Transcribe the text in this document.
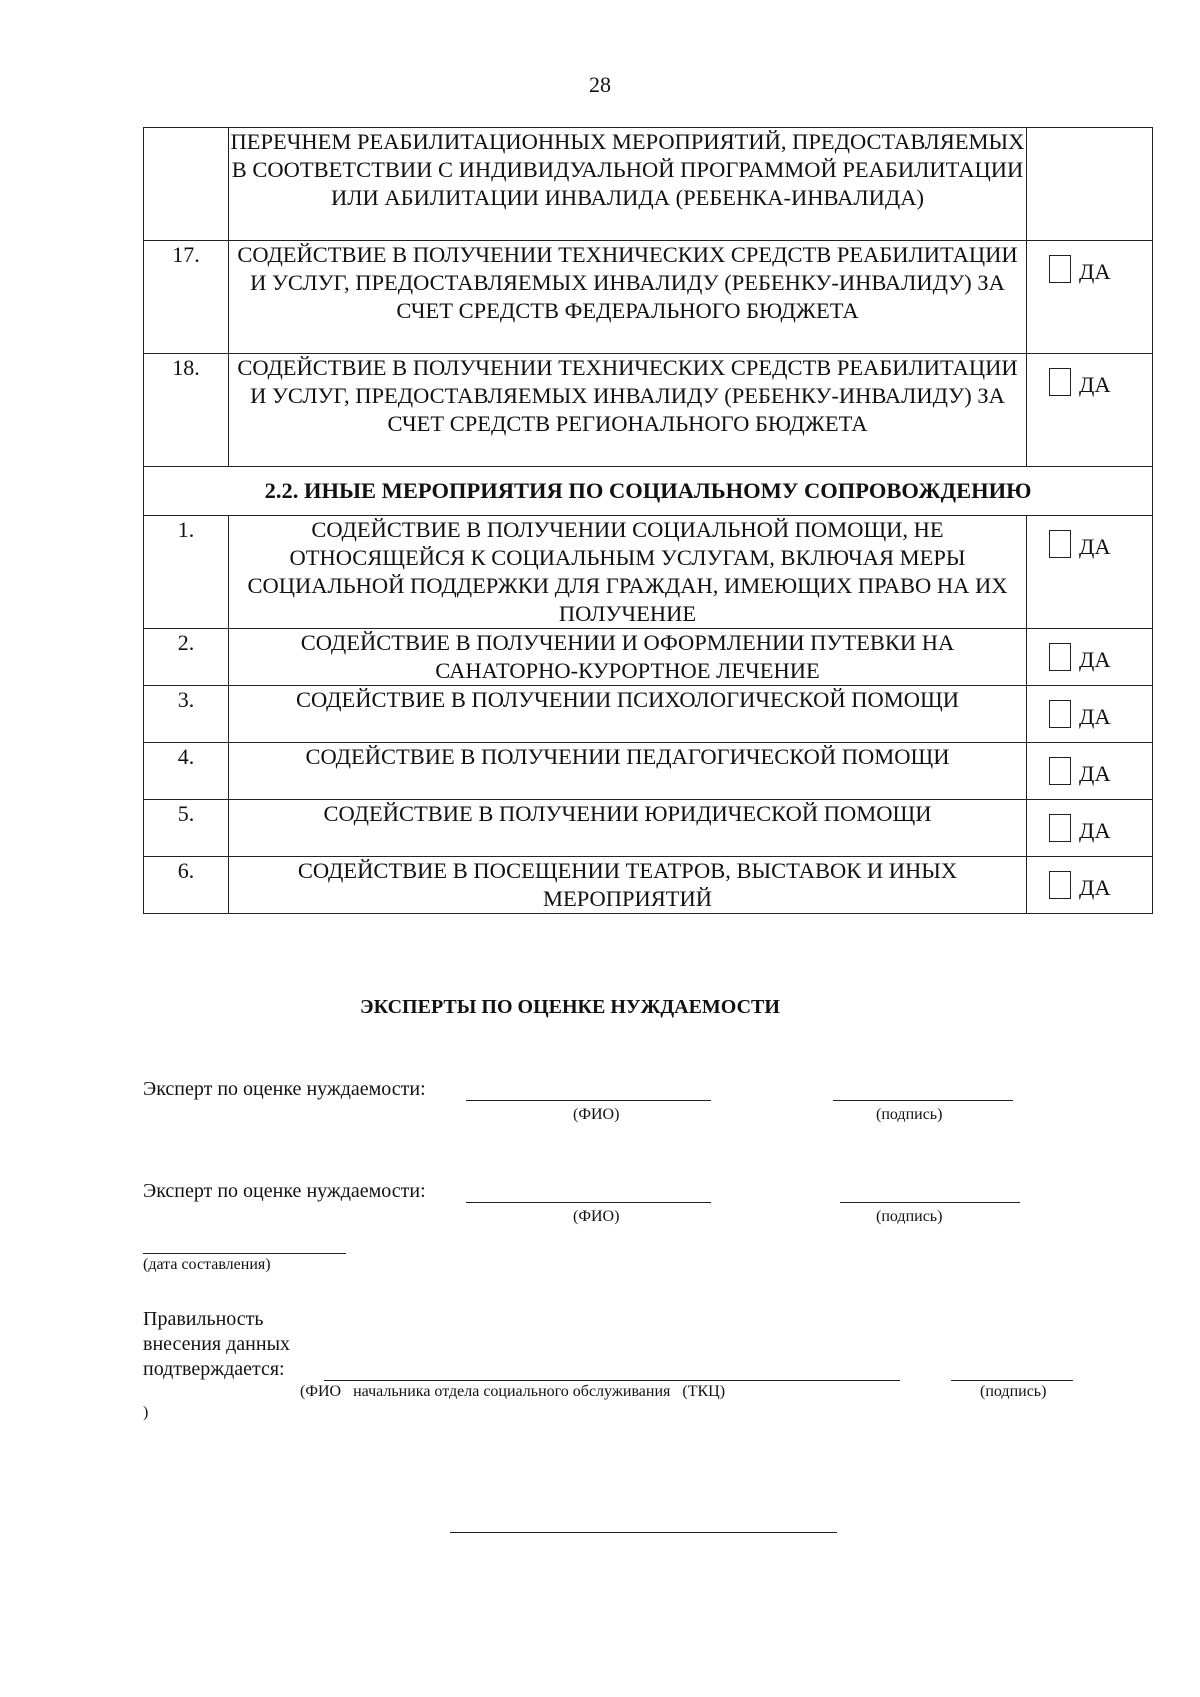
28
	ПЕРЕЧНЕМ РЕАБИЛИТАЦИОННЫХ МЕРОПРИЯТИЙ, ПРЕДОСТАВЛЯЕМЫХ В СООТВЕТСТВИИ С ИНДИВИДУАЛЬНОЙ ПРОГРАММОЙ РЕАБИЛИТАЦИИ ИЛИ АБИЛИТАЦИИ ИНВАЛИДА (РЕБЕНКА-ИНВАЛИДА)	
17.	СОДЕЙСТВИЕ В ПОЛУЧЕНИИ ТЕХНИЧЕСКИХ СРЕДСТВ РЕАБИЛИТАЦИИ И УСЛУГ, ПРЕДОСТАВЛЯЕМЫХ ИНВАЛИДУ (РЕБЕНКУ-ИНВАЛИДУ) ЗА СЧЕТ СРЕДСТВ ФЕДЕРАЛЬНОГО БЮДЖЕТА	ДА

18.	СОДЕЙСТВИЕ В ПОЛУЧЕНИИ ТЕХНИЧЕСКИХ СРЕДСТВ РЕАБИЛИТАЦИИ И УСЛУГ, ПРЕДОСТАВЛЯЕМЫХ ИНВАЛИДУ (РЕБЕНКУ-ИНВАЛИДУ) ЗА СЧЕТ СРЕДСТВ РЕГИОНАЛЬНОГО БЮДЖЕТА	ДА

2.2. ИНЫЕ МЕРОПРИЯТИЯ ПО СОЦИАЛЬНОМУ СОПРОВОЖДЕНИЮ		
1.	СОДЕЙСТВИЕ В ПОЛУЧЕНИИ СОЦИАЛЬНОЙ ПОМОЩИ, НЕ ОТНОСЯЩЕЙСЯ К СОЦИАЛЬНЫМ УСЛУГАМ, ВКЛЮЧАЯ МЕРЫ СОЦИАЛЬНОЙ ПОДДЕРЖКИ ДЛЯ ГРАЖДАН, ИМЕЮЩИХ ПРАВО НА ИХ ПОЛУЧЕНИЕ	ДА

2.	СОДЕЙСТВИЕ В ПОЛУЧЕНИИ И ОФОРМЛЕНИИ ПУТЕВКИ НА САНАТОРНО-КУРОРТНОЕ ЛЕЧЕНИЕ	ДА

3.	СОДЕЙСТВИЕ В ПОЛУЧЕНИИ ПСИХОЛОГИЧЕСКОЙ ПОМОЩИ	ДА

4.	СОДЕЙСТВИЕ В ПОЛУЧЕНИИ ПЕДАГОГИЧЕСКОЙ ПОМОЩИ	ДА

5.	СОДЕЙСТВИЕ В ПОЛУЧЕНИИ ЮРИДИЧЕСКОЙ ПОМОЩИ	ДА

6.	СОДЕЙСТВИЕ В ПОСЕЩЕНИИ ТЕАТРОВ, ВЫСТАВОК И ИНЫХ МЕРОПРИЯТИЙ	ДА
ЭКСПЕРТЫ ПО ОЦЕНКЕ НУЖДАЕМОСТИ
Эксперт по оценке нуждаемости:
(ФИО)	(подпись)
Эксперт по оценке нуждаемости:
(ФИО)	(подпись)
(дата составления)
Правильность
внесения данных
подтверждается:
(ФИО   начальника отдела социального обслуживания   (ТКЦ)	(подпись)
)
